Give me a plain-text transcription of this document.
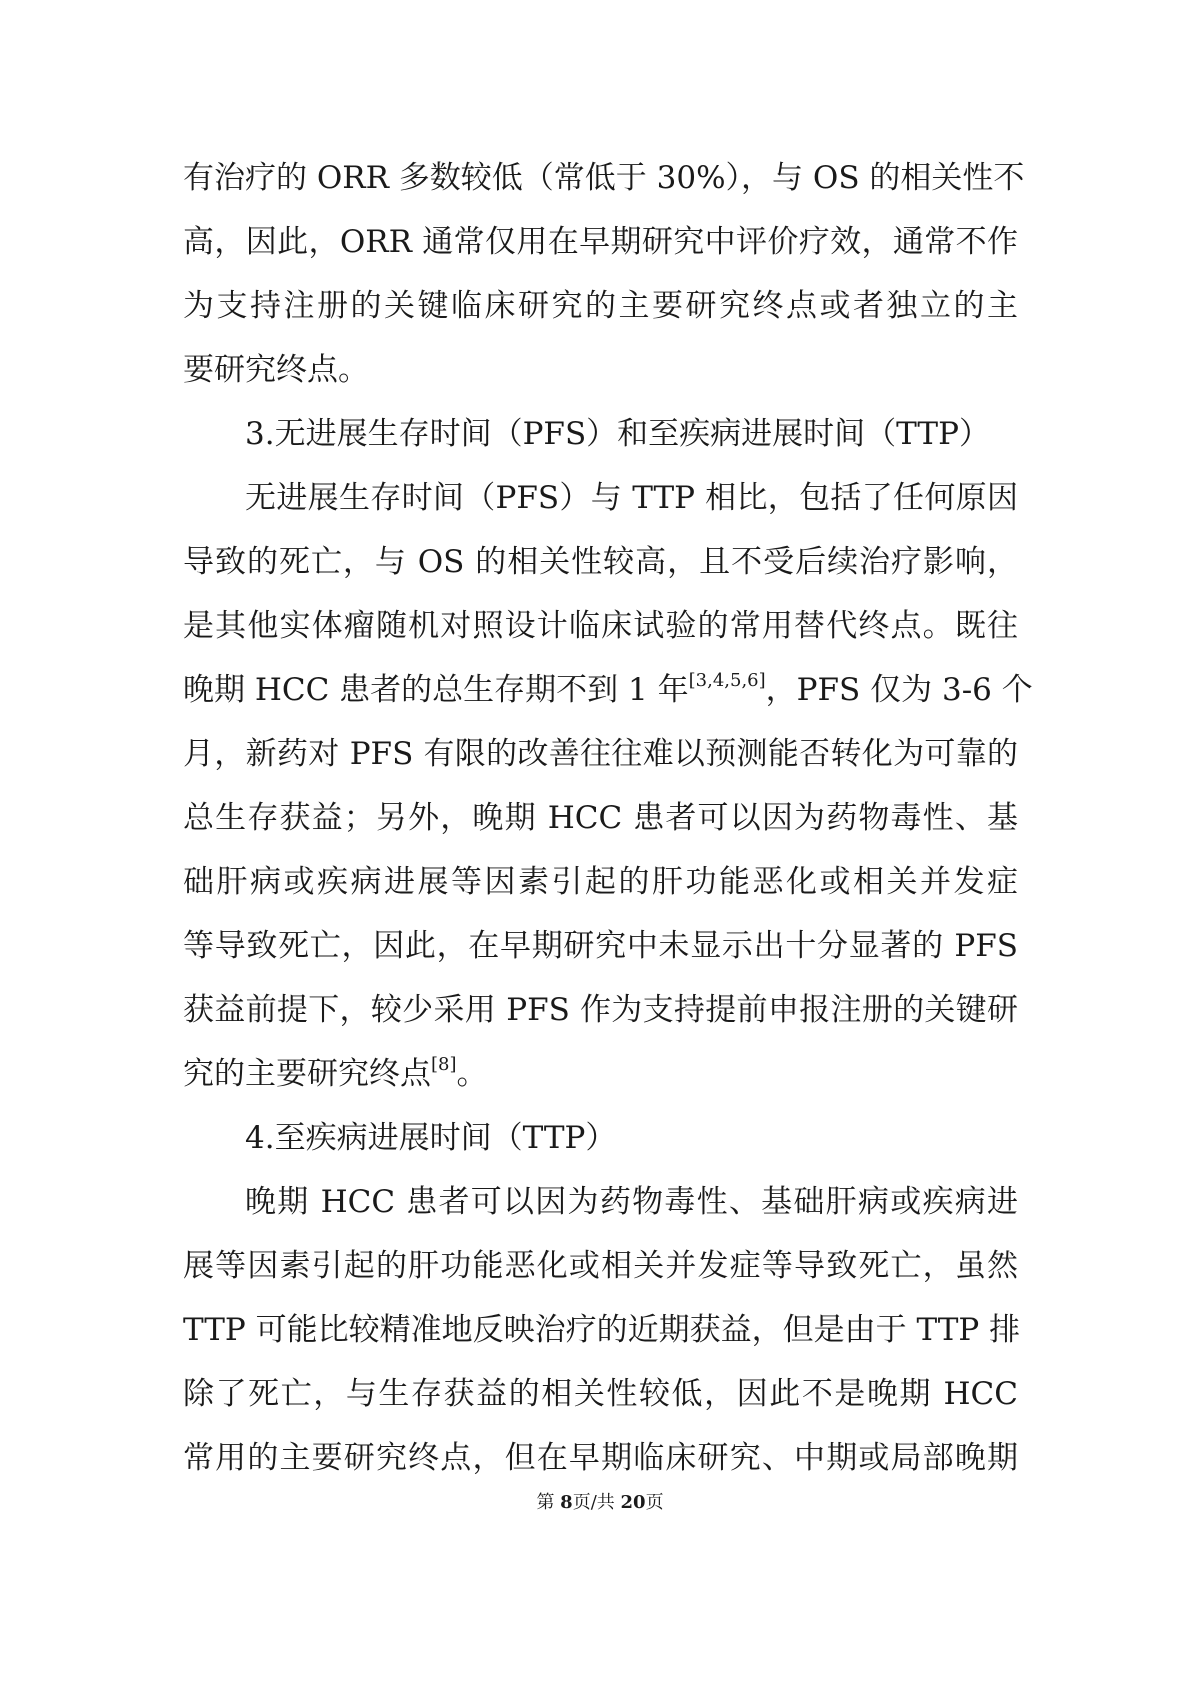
有治疗的 ORR 多数较低（常低于 30%），与 OS 的相关性不
高，因此，ORR 通常仅用在早期研究中评价疗效，通常不作
为支持注册的关键临床研究的主要研究终点或者独立的主
要研究终点。
3.无进展生存时间（PFS）和至疾病进展时间（TTP）
无进展生存时间（PFS）与 TTP 相比，包括了任何原因
导致的死亡，与 OS 的相关性较高，且不受后续治疗影响，
是其他实体瘤随机对照设计临床试验的常用替代终点。既往
晚期 HCC 患者的总生存期不到 1 年[3,4,5,6]，PFS 仅为 3-6 个
月，新药对 PFS 有限的改善往往难以预测能否转化为可靠的
总生存获益；另外，晚期 HCC 患者可以因为药物毒性、基
础肝病或疾病进展等因素引起的肝功能恶化或相关并发症
等导致死亡，因此，在早期研究中未显示出十分显著的 PFS
获益前提下，较少采用 PFS 作为支持提前申报注册的关键研
究的主要研究终点[8]。
4.至疾病进展时间（TTP）
晚期 HCC 患者可以因为药物毒性、基础肝病或疾病进
展等因素引起的肝功能恶化或相关并发症等导致死亡，虽然
TTP 可能比较精准地反映治疗的近期获益，但是由于 TTP 排
除了死亡，与生存获益的相关性较低，因此不是晚期 HCC
常用的主要研究终点，但在早期临床研究、中期或局部晚期
第 8页/共 20页
